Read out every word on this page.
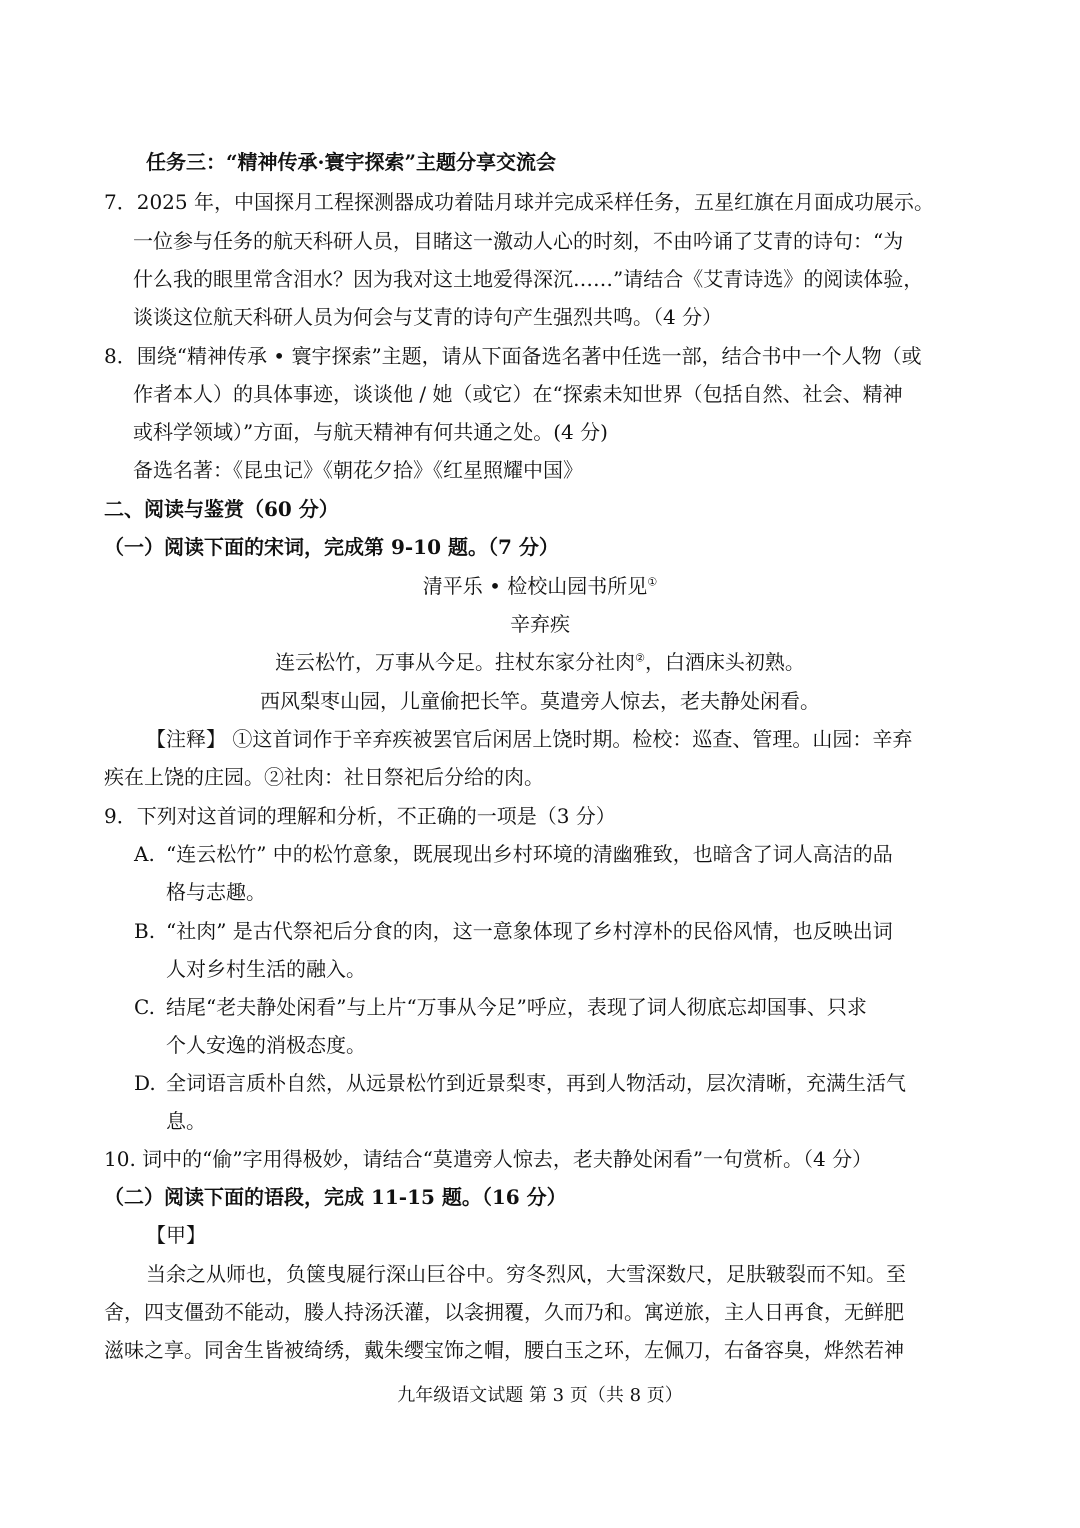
任务三：“精神传承·寰宇探索”主题分享交流会
7．2025 年，中国探月工程探测器成功着陆月球并完成采样任务，五星红旗在月面成功展示。
一位参与任务的航天科研人员，目睹这一激动人心的时刻，不由吟诵了艾青的诗句：“为
什么我的眼里常含泪水？因为我对这土地爱得深沉……”请结合《艾青诗选》的阅读体验，
谈谈这位航天科研人员为何会与艾青的诗句产生强烈共鸣。（4 分）
8．围绕“精神传承 • 寰宇探索”主题，请从下面备选名著中任选一部，结合书中一个人物（或
作者本人）的具体事迹，谈谈他 / 她（或它）在“探索未知世界（包括自然、社会、精神
或科学领域）”方面，与航天精神有何共通之处。(4 分)
备选名著：《昆虫记》《朝花夕拾》《红星照耀中国》
二、阅读与鉴赏（60 分）
（一）阅读下面的宋词，完成第 9-10 题。（7 分）
清平乐 • 检校山园书所见①
辛弃疾
连云松竹，万事从今足。拄杖东家分社肉②，白酒床头初熟。
西风梨枣山园，儿童偷把长竿。莫遣旁人惊去，老夫静处闲看。
【注释】 ①这首词作于辛弃疾被罢官后闲居上饶时期。检校：巡查、管理。山园：辛弃
疾在上饶的庄园。②社肉：社日祭祀后分给的肉。
9．下列对这首词的理解和分析，不正确的一项是（3 分）
A. “连云松竹” 中的松竹意象，既展现出乡村环境的清幽雅致，也暗含了词人高洁的品
格与志趣。
B. “社肉” 是古代祭祀后分食的肉，这一意象体现了乡村淳朴的民俗风情，也反映出词
人对乡村生活的融入。
C. 结尾“老夫静处闲看”与上片“万事从今足”呼应，表现了词人彻底忘却国事、只求
个人安逸的消极态度。
D. 全词语言质朴自然，从远景松竹到近景梨枣，再到人物活动，层次清晰，充满生活气
息。
10. 词中的“偷”字用得极妙，请结合“莫遣旁人惊去，老夫静处闲看”一句赏析。（4 分）
（二）阅读下面的语段，完成 11-15 题。（16 分）
【甲】
当余之从师也，负箧曳屣行深山巨谷中。穷冬烈风，大雪深数尺，足肤皲裂而不知。至
舍，四支僵劲不能动，媵人持汤沃灌，以衾拥覆，久而乃和。寓逆旅，主人日再食，无鲜肥
滋味之享。同舍生皆被绮绣，戴朱缨宝饰之帽，腰白玉之环，左佩刀，右备容臭，烨然若神
九年级语文试题 第 3 页（共 8 页）
